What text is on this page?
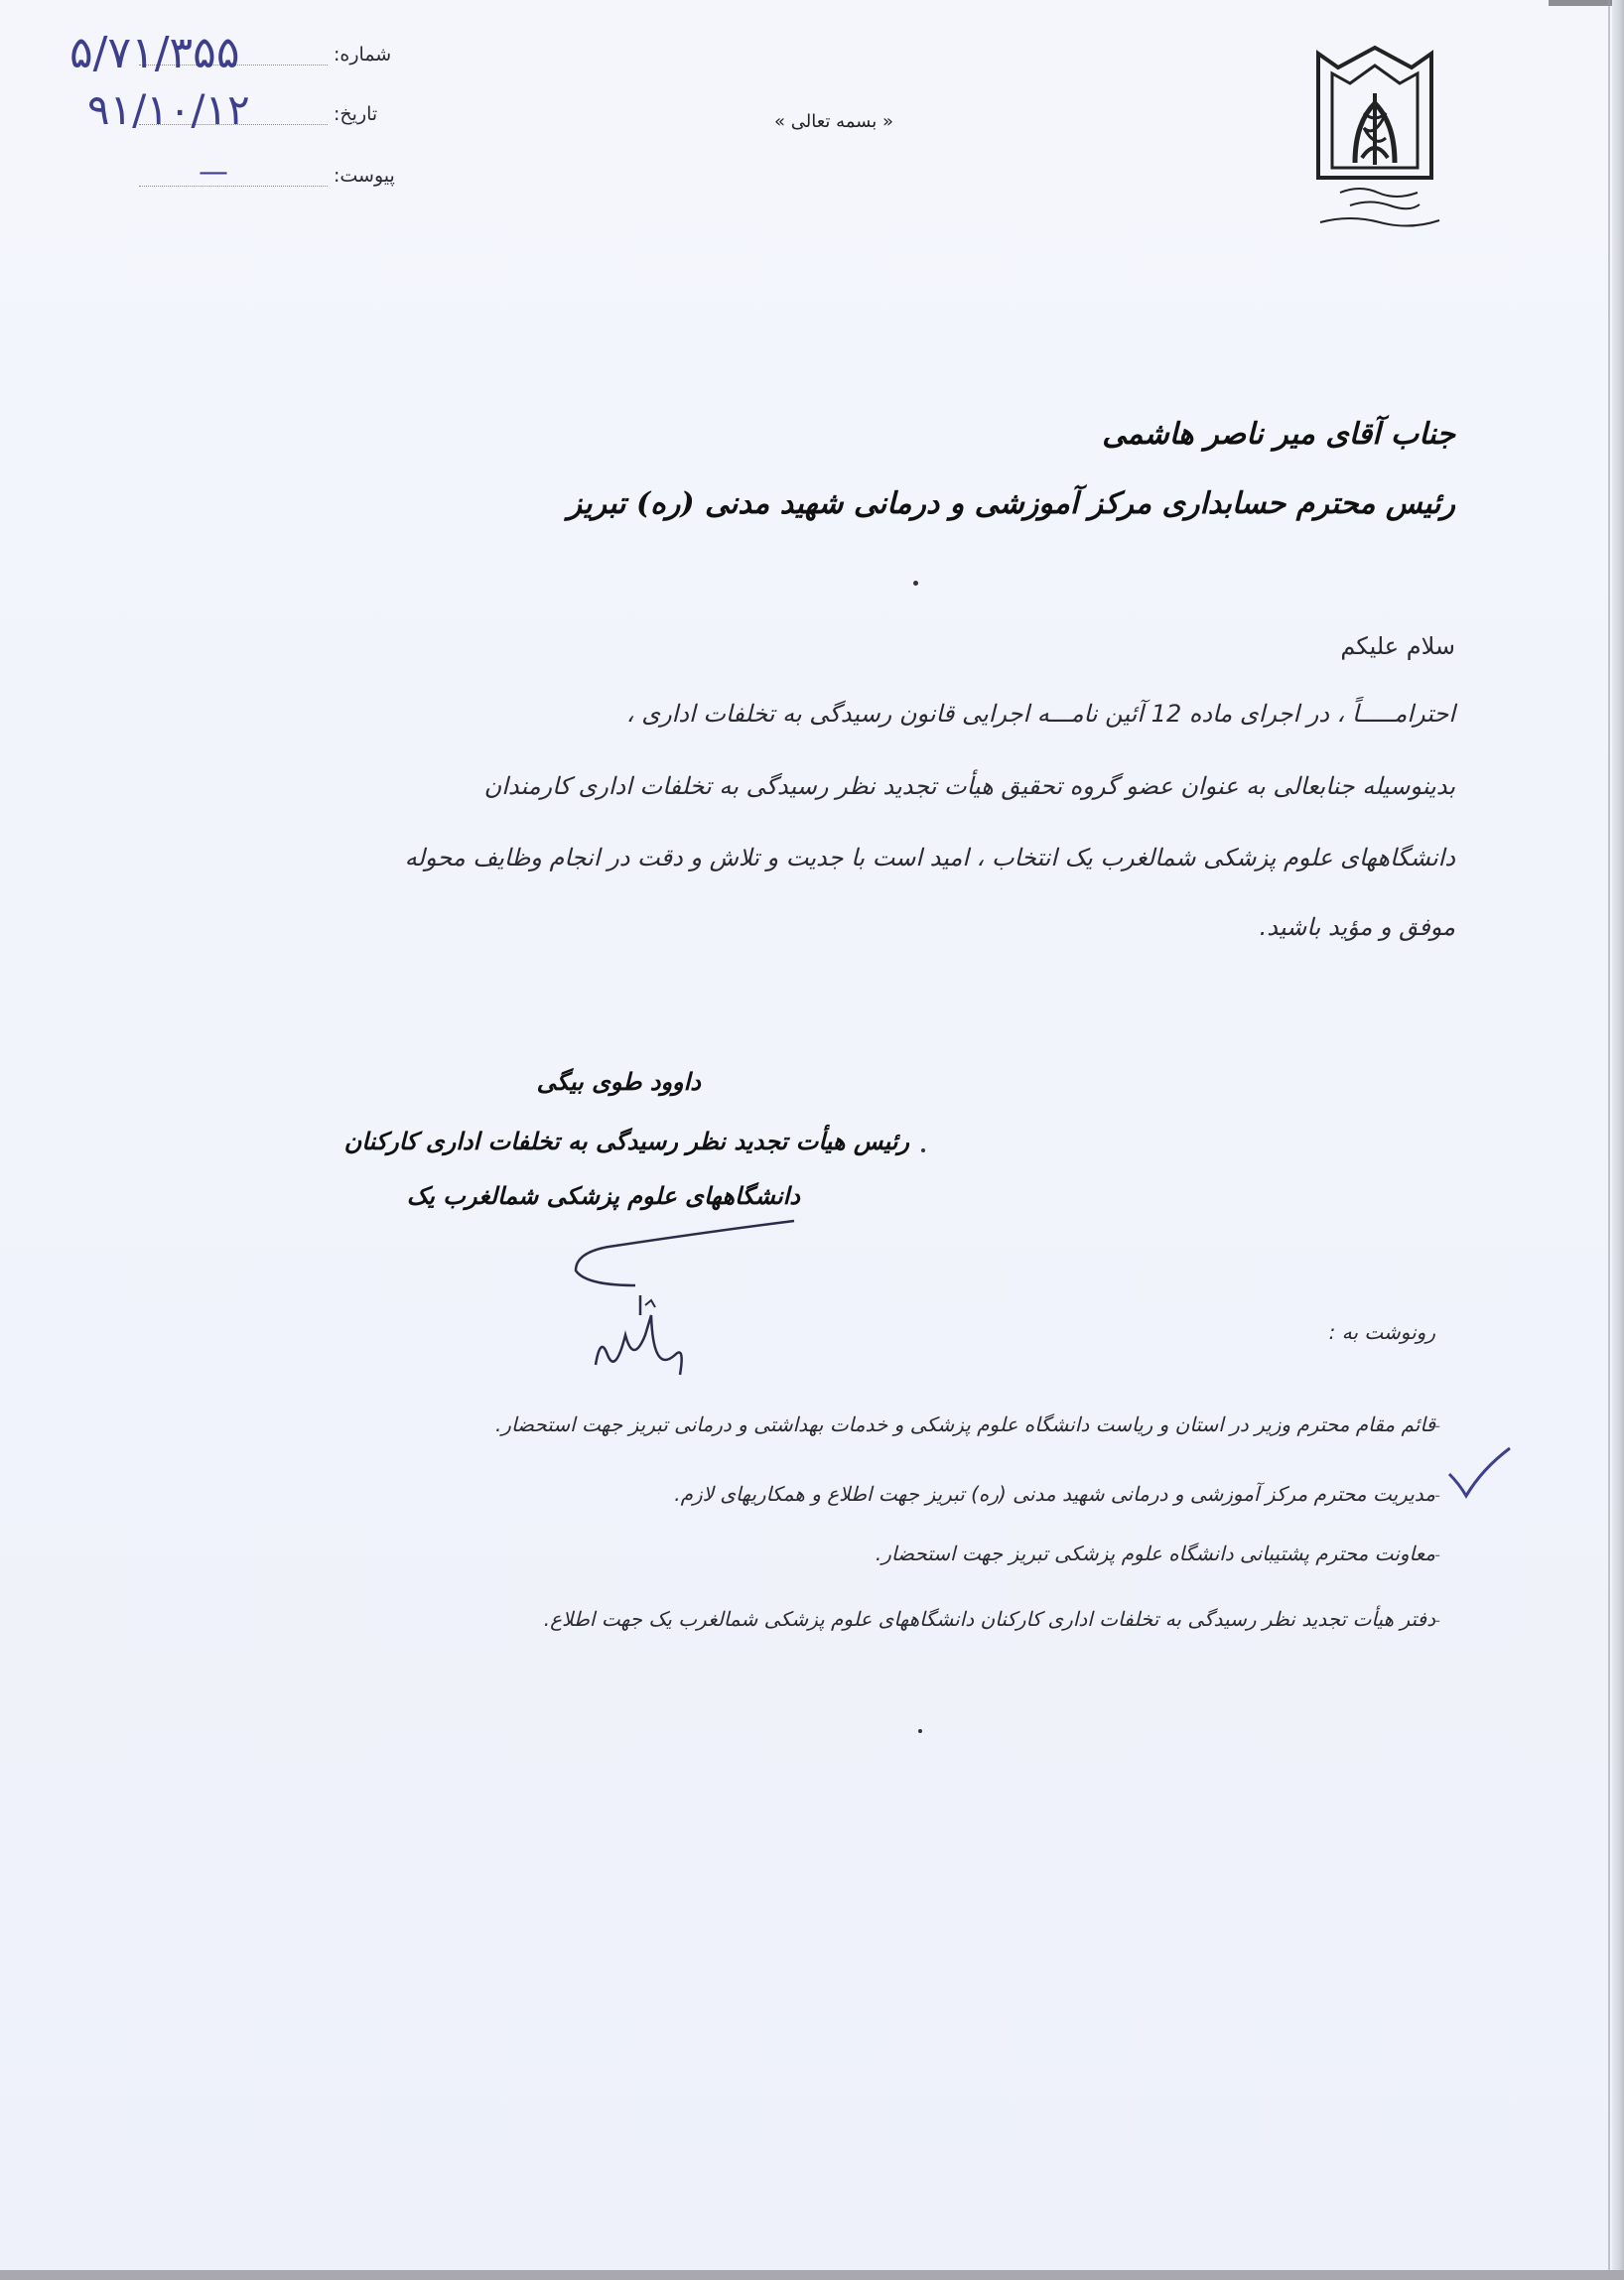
شماره:
۵/۷۱/۳۵۵
تاریخ:
۹۱/۱۰/۱۲
پیوست:
—
« بسمه تعالی »
جناب آقای میر ناصر هاشمی
رئیس محترم حسابداری مرکز آموزشی و درمانی شهید مدنی (ره) تبریز
سلام علیکم
احترامـــــاً ، در اجرای ماده 12 آئین نامـــه اجرایی قانون رسیدگی به تخلفات اداری ،
بدینوسیله جنابعالی به عنوان عضو گروه تحقیق هیأت تجدید نظر رسیدگی به تخلفات اداری کارمندان
دانشگاههای علوم پزشکی شمالغرب یک انتخاب ، امید است با جدیت و تلاش و دقت در انجام وظایف محوله
موفق و مؤید باشید.
داوود طوی بیگی
رئیس هیأت تجدید نظر رسیدگی به تخلفات اداری کارکنان
دانشگاههای علوم پزشکی شمالغرب یک
رونوشت به :
-
قائم مقام محترم وزیر در استان و ریاست دانشگاه علوم پزشکی و خدمات بهداشتی و درمانی تبریز جهت استحضار.
-
مدیریت محترم مرکز آموزشی و درمانی شهید مدنی (ره) تبریز جهت اطلاع و همکاریهای لازم.
-
معاونت محترم پشتیبانی دانشگاه علوم پزشکی تبریز جهت استحضار.
-
دفتر هیأت تجدید نظر رسیدگی به تخلفات اداری کارکنان دانشگاههای علوم پزشکی شمالغرب یک جهت اطلاع.
